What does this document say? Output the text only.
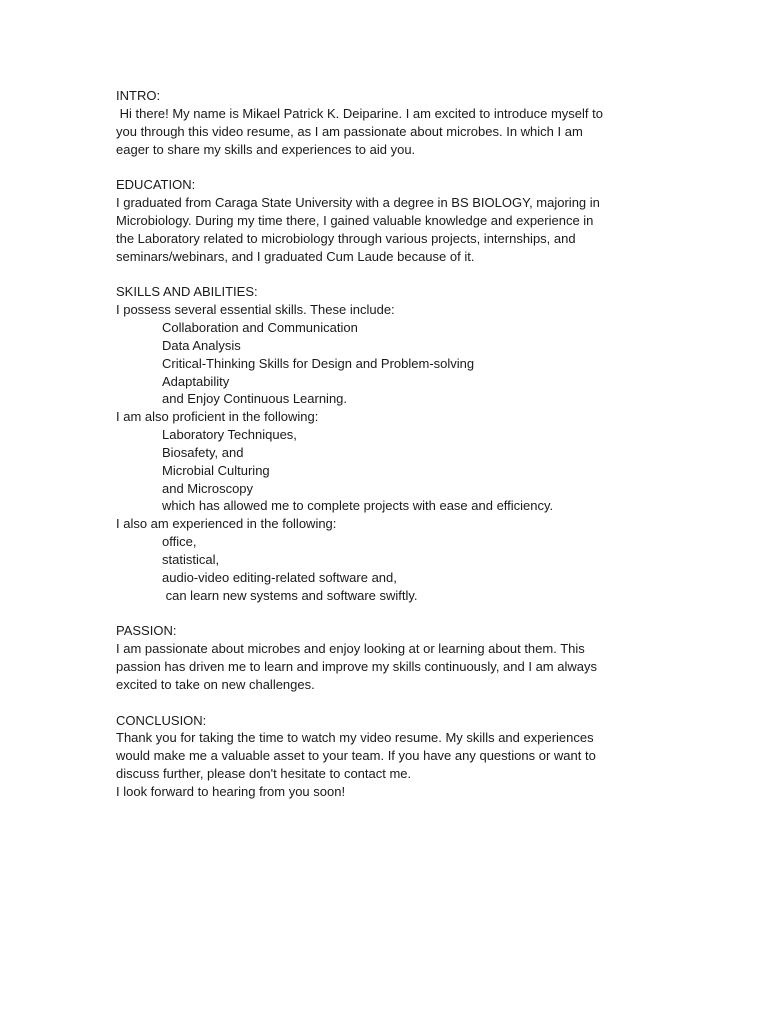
INTRO:
Hi there! My name is Mikael Patrick K. Deiparine. I am excited to introduce myself to
you through this video resume, as I am passionate about microbes. In which I am
eager to share my skills and experiences to aid you.
EDUCATION:
I graduated from Caraga State University with a degree in BS BIOLOGY, majoring in
Microbiology. During my time there, I gained valuable knowledge and experience in
the Laboratory related to microbiology through various projects, internships, and
seminars/webinars, and I graduated Cum Laude because of it.
SKILLS AND ABILITIES:
I possess several essential skills. These include:
Collaboration and Communication
Data Analysis
Critical-Thinking Skills for Design and Problem-solving
Adaptability
and Enjoy Continuous Learning.
I am also proficient in the following:
Laboratory Techniques,
Biosafety, and
Microbial Culturing
and Microscopy
which has allowed me to complete projects with ease and efficiency.
I also am experienced in the following:
office,
statistical,
audio-video editing-related software and,
can learn new systems and software swiftly.
PASSION:
I am passionate about microbes and enjoy looking at or learning about them. This
passion has driven me to learn and improve my skills continuously, and I am always
excited to take on new challenges.
CONCLUSION:
Thank you for taking the time to watch my video resume. My skills and experiences
would make me a valuable asset to your team. If you have any questions or want to
discuss further, please don't hesitate to contact me.
I look forward to hearing from you soon!
